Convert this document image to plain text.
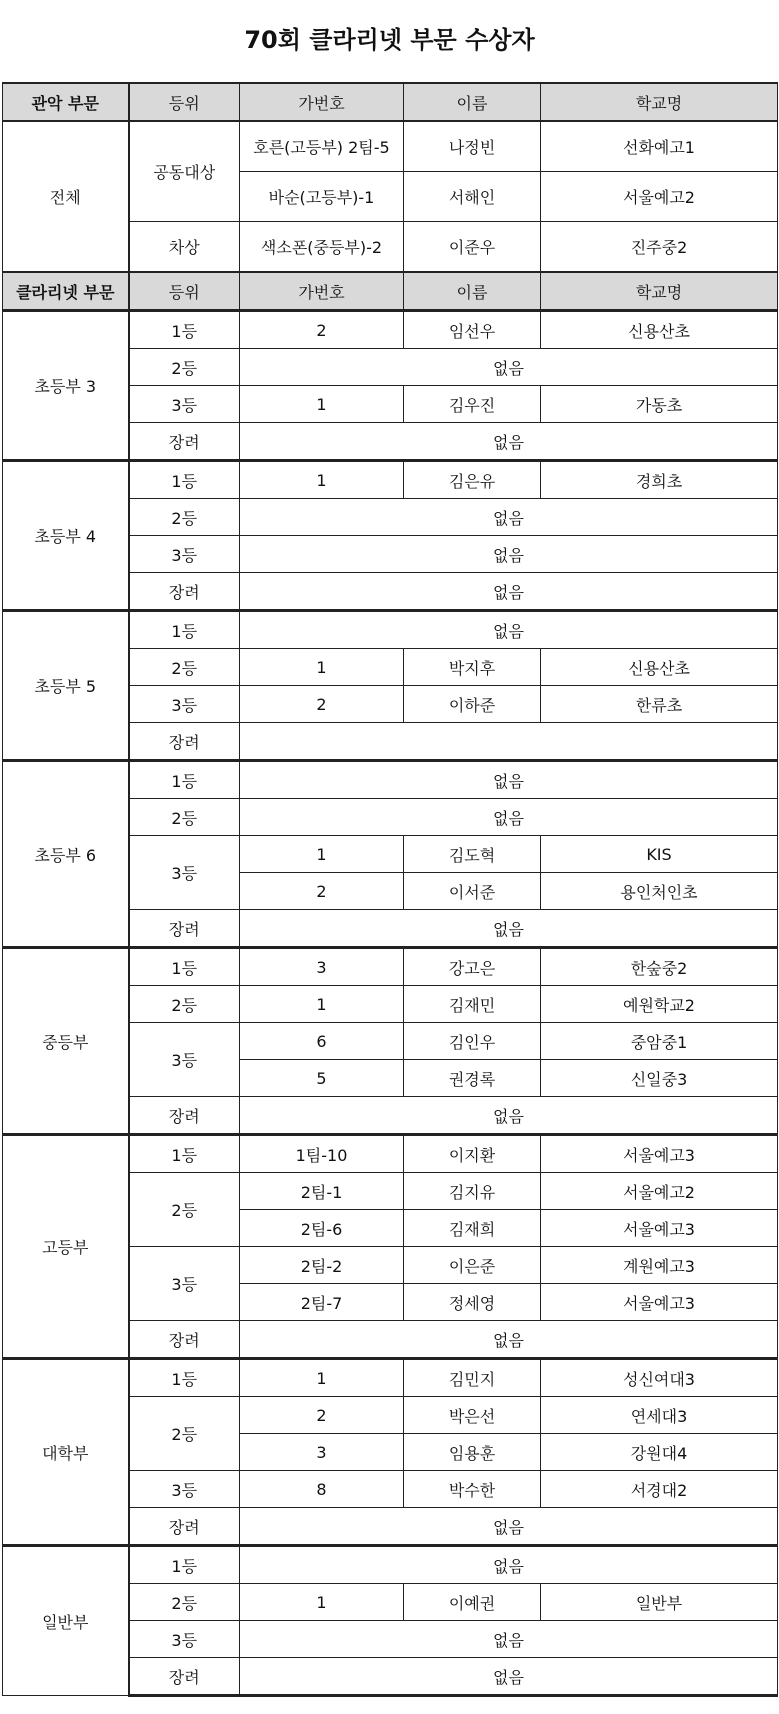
70회 클라리넷 부문 수상자
관악 부문	등위	가번호	이름	학교명
전체	공동대상	호른(고등부) 2팀-5	나정빈	선화예고1
		바순(고등부)-1	서해인	서울예고2
	차상	색소폰(중등부)-2	이준우	진주중2
클라리넷 부문	등위	가번호	이름	학교명
초등부 3	1등	2	임선우	신용산초
	2등	없음		
	3등	1	김우진	가동초
	장려	없음		
초등부 4	1등	1	김은유	경희초
	2등	없음		
	3등	없음		
	장려	없음		
초등부 5	1등	없음		
	2등	1	박지후	신용산초
	3등	2	이하준	한류초
	장려			
초등부 6	1등	없음		
	2등	없음		
	3등	1	김도혁	KIS
		2	이서준	용인처인초
	장려	없음		
중등부	1등	3	강고은	한숲중2
	2등	1	김재민	예원학교2
	3등	6	김인우	중암중1
		5	권경록	신일중3
	장려	없음		
고등부	1등	1팀-10	이지환	서울예고3
	2등	2팀-1	김지유	서울예고2
		2팀-6	김재희	서울예고3
	3등	2팀-2	이은준	계원예고3
		2팀-7	정세영	서울예고3
	장려	없음		
대학부	1등	1	김민지	성신여대3
	2등	2	박은선	연세대3
		3	임용훈	강원대4
	3등	8	박수한	서경대2
	장려	없음		
일반부	1등	없음		
	2등	1	이예권	일반부
	3등	없음		
	장려	없음		
